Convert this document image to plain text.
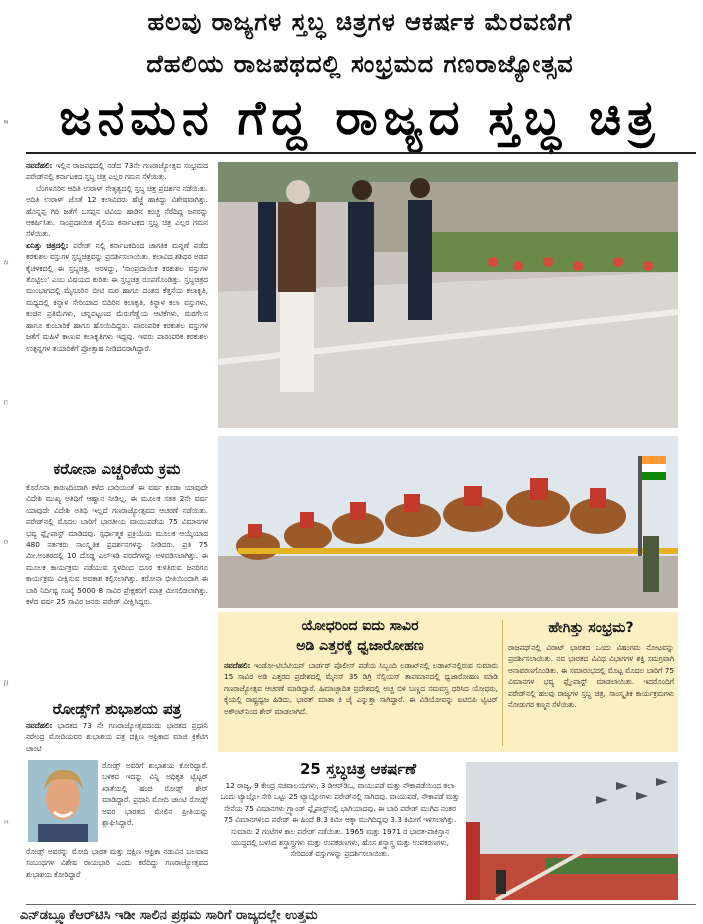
ಶ
ವ
ಬ
ರ
ಮ
ಸ
ಹಲವು ರಾಜ್ಯಗಳ ಸ್ತಬ್ಧ ಚಿತ್ರಗಳ ಆಕರ್ಷಕ ಮೆರವಣಿಗೆ
ದೆಹಲಿಯ ರಾಜಪಥದಲ್ಲಿ ಸಂಭ್ರಮದ ಗಣರಾಜ್ಯೋತ್ಸವ
ಜನಮನ ಗೆದ್ದ ರಾಜ್ಯದ ಸ್ತಬ್ಧ ಚಿತ್ರ

ನವದೆಹಲಿ: ಇಲ್ಲಿನ ರಾಜಪಥದಲ್ಲಿ ನಡೆದ 73ನೇ ಗಣರಾಜ್ಯೋತ್ಸವ ಸಂಭ್ರಮದ ಪರೇಡ್‌ನಲ್ಲಿ ಕರ್ನಾಟಕದ ಸ್ತಬ್ಧ ಚಿತ್ರ ಎಲ್ಲರ ಗಮನ ಸೆಳೆಯಿತು.

ಬೆಂಗಳೂರಿನ ಆದಿತಿ ಉರಾಳ್ ನೇತೃತ್ವದಲ್ಲಿ ಸ್ತಬ್ಧ ಚಿತ್ರ ಪ್ರದರ್ಶನ ನಡೆಯಿತು. ಅದಿತಿ ಉರಾಳ್ ಜೊತೆ 12 ಕಲಾವಿದರು ಹೆಜ್ಜೆ ಹಾಕಿದ್ದು ವಿಶೇಷವಾಗಿತ್ತು. ಹೊನ್ನಪ್ಪ ಗಿರಿ ಜತೆಗೆ ಬಸಪ್ಪನ ಟಿವಿಯ ಹಾಡಿನ ಕಂಚ್ಚ ನೆರೆದಿದ್ದ ಜನರನ್ನು ಆಕರ್ಷಿಸಿತು. ಸಾಂಪ್ರದಾಯಿಕ ಶೈಲಿಯ ಕರ್ನಾಟಕದ ಸ್ತಬ್ಧ ಚಿತ್ರ ಎಲ್ಲರ ಗಮನ ಸೆಳೆಯಿತು.

ಏನಿತ್ತು ಚಿತ್ರದಲ್ಲಿ: ಪರೇಡ್ ನಲ್ಲಿ ಕರ್ನಾಟಕದಿಂದ ಜಾಗತಿಕ ಮನ್ನಣೆ ಪಡೆದ ಕರಕುಶಲ ವಸ್ತುಗಳ ಸ್ತಬ್ಧಚಿತ್ರವನ್ನು ಪ್ರದರ್ಶಿಸಲಾಯಿತು. ಕಲಾವಿದ ಶಶಿಧರ ಅಡಪ ಕೈಚಳಕದಲ್ಲಿ ಈ ಸ್ತಬ್ಧಚಿತ್ರ, ಅರಳಿದ್ದು, 'ಸಾಂಪ್ರದಾಯಿಕ ಕರಕುಶಲ ವಸ್ತುಗಳ ತೊಟ್ಟಿಲು' ಎಂಬ ವಿಷಯದ ಕುರಿತು ಈ ಸ್ತಬ್ಧಚಿತ್ರ ರೂಪಗೊಂಡಿತ್ತು. ಸ್ತಬ್ಧಚಿತ್ರದ ಮುಂಭಾಗದಲ್ಲಿ ಮೈಸೂರಿನ ಬೀಟಿ ಮರ ಹಾಗೂ ದಂತದ ಕೆತ್ತನೆಯ ಕಲಾಕೃತಿ, ಮಧ್ಯದಲ್ಲಿ ಕಿನ್ನಾಳ ಸೇರಿಯಾದ ಬಿದಿರಿನ ಕಲಾಕೃತಿ, ಕಿನ್ನಾಳ ಕಲಾ ವಸ್ತುಗಳು, ಕಂಚಿನ ಪ್ರತಿಮೆಗಳು, ಚನ್ನಪಟ್ಟಣದ ಮೆರುಗೆಣ್ಣೆಯ ಆಟಿಕೆಗಳು, ಮರಗೆಲಸ ಹಾಗೂ ಕುಂಬಾರಿಕೆ ಹಾಗೂ ಹೊಯಿದಿದ್ದರು. ಪಾರಂಪರಿಕ ಕರಕುಶಲ ವಸ್ತುಗಳ ಜತೆಗೆ ಮಹಿಳೆ ಕಾಣುವ ಕಲಾಕೃತಿಗಳು ಇದ್ದವು. ಇವರು ಪಾರಂಪರಿಕ ಕರಕುಶಲ ಉತ್ಪನ್ನಗಳ ತಯಾರಿಕೆಗೆ ಪ್ರೋತ್ಸಾಹ ನೀಡಿದವರಾಗಿದ್ದಾರೆ.

ಕರೋನಾ ಎಚ್ಚರಿಕೆಯ ಕ್ರಮ
ಕೊರೊನಾ ಕಾರಣದಿಂದಾಗಿ ಕಳೆದ ಬಾರಿಯಂತೆ ಈ ವರ್ಷ ಕೂಡಾ ಯಾವುದೇ ವಿದೇಶಿ ಮುಖ್ಯ ಅತಿಥಿಗೆ ಆಹ್ವಾನ ನೀಡಿಲ್ಲ. ಈ ಮೂಲಕ ಸತತ 2ನೇ ವರ್ಷ ಯಾವುದೇ ವಿದೇಶಿ ಅತಿಥಿ ಇಲ್ಲದೆ ಗಣರಾಜ್ಯೋತ್ಸವದ ಆಚರಣೆ ನಡೆಯಿತು. ಪರೇಡ್‌ನಲ್ಲಿ ಮೊದಲ ಬಾರಿಗೆ ಭಾರತೀಯ ವಾಯುಪಡೆಯ 75 ವಿಮಾನಗಳ ಭವ್ಯ ಫ್ಲೈ-ಪಾಸ್ಟ್ ಮಾಡಿದವು. ಸ್ಪರ್ಧಾತ್ಮಕ ಪ್ರಕ್ರಿಯೆಯ ಮೂಲಕ ಆಯ್ಕೆಯಾದ 480 ನರ್ತಕರು ಸಾಂಸ್ಕೃತಿಕ ಪ್ರದರ್ಶನಗಳನ್ನು ನೀಡಿದರು. ಪ್ರತಿ 75 ಮೀ.ಅಂತರದಲ್ಲಿ 10 ದೊಡ್ಡ ಎಲ್‌ಇಡಿ ಪರದೆಗಳನ್ನು ಅಳವಡಿಸಲಾಗಿತ್ತು. ಈ ಮೂಲಕ ಕಾರ್ಯಕ್ರಮ ನಡೆಯುವ ಸ್ಥಳದಿಂದ ದೂರ ಕುಳಿತಿರುವ ಜನರಿಗೂ ಕಾರ್ಯಕ್ರಮ ವೀಕ್ಷಿಸುವ ಅವಕಾಶ ಕಲ್ಪಿಸಲಾಗಿತ್ತು. ಕರೋನಾ ಭೀತಿಯಿಂದಾಗಿ ಈ ಬಾರಿ ನಿರ್ದಿಷ್ಟ ಸಂಖ್ಯೆ 5000 8 ಸಾವಿರ ಪ್ರೇಕ್ಷಕರಿಗೆ ಮಾತ್ರ ಮೀಸಲಿಡಲಾಗಿತ್ತು. ಕಳೆದ ವರ್ಷ 25 ಸಾವಿರ ಜನರು ಪರೇಡ್ ವೀಕ್ಷಿಸಿದ್ದರು.
ರೋಡ್ಸ್‌ಗೆ ಶುಭಾಶಯ ಪತ್ರ
ನವದೆಹಲಿ: ಭಾರತದ 73 ನೇ ಗಣರಾಜ್ಯೋತ್ಸವದಂದು ಭಾರತದ ಪ್ರಧಾನಿ ನರೇಂದ್ರ ಮೋದಿಯವರ ಶುಭಾಶಯ ಪತ್ರ ದಕ್ಷಿಣ ಆಫ್ರಿಕಾದ ಮಾಜಿ ಕ್ರಿಕೆಟಿಗ ಜಾಂಟಿ
ರೋಡ್ಸ್ ಅವರಿಗೆ ಶುಭಾಶಯ ಕೋರಿದ್ದಾರೆ. ಬಳಿಕವ ಇದನ್ನು ವಿನ್ನಿ ಅಧಿಕೃತ ಟ್ವಿಟ್ಟರ್ ಖಾತೆಯಲ್ಲಿ ಹಂಚಿ ರೋಡ್ಸ್ ಶೇರ್ ಮಾಡಿದ್ದಾರೆ. ಪ್ರಧಾನಿ ಮೋದಿ ಜಾಂಟಿ ರೋಡ್ಸ್ ಅವರ ಭಾರತದ ಮೇಲಿನ ಪ್ರೀತಿಯನ್ನು ಶ್ಲಾಘಿಸಿದ್ದಾರೆ.
ರೋಡ್ಸ್ ಅವರನ್ನು ಮೋದಿ ಭಾರತ ಮತ್ತು ದಕ್ಷಿಣ ಆಫ್ರಿಕಾ ನಡುವಿನ ಬಲವಾದ ಸಂಬಂಧಗಳ ವಿಶೇಷ ರಾಯಭಾರಿ ಎಂದು ಕರೆದಿದ್ದು ಗಣರಾಜ್ಯೋತ್ಸವದ ಶುಭಾಶಯ ಕೋರಿದ್ದಾರೆ
ಯೋಧರಿಂದ ಐದು ಸಾವಿರ
ಅಡಿ ಎತ್ತರಕ್ಕೆ ಧ್ವಜಾರೋಹಣ
ನವದೆಹಲಿ: ಇಂಡೋ-ಟಿಬೆಟಿಯನ್ ಬಾರ್ಡರ್ ಪೊಲೀಸ್ ಪಡೆಯ ಸಿಬ್ಬಂದಿ ಲಡಾಖ್‌ನಲ್ಲಿ ಲಡಾಖ್‌ನಲ್ಲಿರುವ ಸುಮಾರು 15 ಸಾವಿರ ಅಡಿ ಎತ್ತರದ ಪ್ರದೇಶದಲ್ಲಿ ಮೈನಸ್ 35 ಡಿಗ್ರಿ ಸೆಲ್ಸಿಯಸ್ ತಾಪಮಾನದಲ್ಲಿ ಧ್ವಜಾರೋಹಣ ಮಾಡಿ ಗಣರಾಜ್ಯೋತ್ಸವ ಆಚರಣೆ ಮಾಡಿದ್ದಾರೆ. ಹಿಮಾಚ್ಛಾದಿತ ಪ್ರದೇಶದಲ್ಲಿ ಅಚ್ಚ ಬಿಳಿ ಬಣ್ಣದ ಸಮವಸ್ತ್ರ ಧರಿಸಿದ ಯೋಧರು, ಕೈಯಲ್ಲಿ ರಾಷ್ಟ್ರಧ್ವಜ ಹಿಡಿದು, ಭಾರತ್ ಮಾತಾ ಕಿ ಜೈ ಎನ್ನುತ್ತಾ ಸಾಗಿದ್ದಾರೆ. ಈ ವಿಡಿಯೋವನ್ನು ಐಟಿಬಿಪಿ ಟ್ವಿಟರ್ ಅಕೌಂಟ್‌ನಿಂದ ಶೇರ್ ಮಾಡಲಾಗಿದೆ.
ಹೇಗಿತ್ತು ಸಂಭ್ರಮ?
ರಾಜಪಥ್‌ನಲ್ಲಿ ವಿರಾಟ್ ಭಾರತದ ಒಂದು ವಿಹಂಗಮ ನೋಟವನ್ನು ಪ್ರದರ್ಶಿಸಲಾಯಿತು. ನವ ಭಾರತದ ವಿವಿಧ ವಿಭಾಗಗಳ ಶಕ್ತಿ ಸಮಗ್ರವಾಗಿ ಅನಾವರಣಗೊಂಡಿತು. ಈ ಸಮಾರಂಭದಲ್ಲಿ ಮೊಟ್ಟ ಮೊದಲ ಬಾರಿಗೆ 75 ವಿಮಾನಗಳ ಭವ್ಯ ಫ್ಲೈ-ಪಾಸ್ಟ್ ಮಾಡಲಾಯಿತು. ಇದರೊಂದಿಗೆ ಪರೇಡ್‌ನಲ್ಲಿ ಹಲವು ರಾಜ್ಯಗಳ ಸ್ತಬ್ಧ ಚಿತ್ರ, ಸಾಂಸ್ಕೃತಿಕ ಕಾರ್ಯಕ್ರಮಗಳು ನೋಡುಗರ ಕಣ್ಮನ ಸೆಳೆಯಿತು.
25 ಸ್ತಬ್ಧಚಿತ್ರ ಆಕರ್ಷಣೆ
12 ರಾಜ್ಯ, 9 ಕೇಂದ್ರ ಸಚಿವಾಲಯಗಳು, 3 ಡಿಆರ್‌ಡಿಒ, ವಾಯುಪಡೆ ಮತ್ತು ನೌಕಾಪಡೆಯಿಂದ ತಲಾ ಒಂದು ಟ್ಯಾಬ್ಲೋ ಸೇರಿ ಒಟ್ಟು 25 ಟ್ಯಾಬ್ಲೋಗಳು ಪರೇಡ್‌ನಲ್ಲಿ ಸಾಗಿದವು. ವಾಯುಪಡೆ, ನೌಕಾಪಡೆ ಮತ್ತು ಸೇನೆಯ 75 ವಿಮಾನಗಳು ಗ್ರ್ಯಾಂಡ್ ಫ್ಲೈಪಾಸ್ಟ್‌ನಲ್ಲಿ ಭಾಗಿಯಾದವು. ಈ ಬಾರಿ ಪರೇಡ್ ಮುಗಿದ ನಂತರ 75 ವಿಮಾನಗಳಿಂದ ಪರೇಡ್ ಈ ಹಿಂದೆ 8.3 ಕಿಮೀ ಆಕ್ಕಾ ಮುಗಿದಿದ್ದವು 3.3 ಕಿಮೀಗೆ ಇಳಿಸಲಾಗಿತ್ತು. ಸುಮಾರು 2 ಗಂಟೆಗಳ ಕಾಲ ಪರೇಡ್ ನಡೆಯಿತು. 1965 ಮತ್ತು 1971 ರ ಭಾರತ-ಪಾಕಿಸ್ತಾನ ಯುದ್ಧದಲ್ಲಿ ಬಳಸಿದ ಶಸ್ತ್ರಾಸ್ತ್ರಗಳು ಮತ್ತು ಉಪಕರಣಗಳು, ಹೊಸ ಶಸ್ತ್ರಾಸ್ತ್ರ ಮತ್ತು ಉಪಕರಣಗಳು, ಸೇರಿದಂತೆ ವಸ್ತುಗಳನ್ನು ಪ್ರದರ್ಶಿಸಲಾಯಿತು.
ಎನ್‌ಡಬ್ಲ್ಯೂಕೆಆರ್‌ಟಿಸಿ ಇಡೀ ಸಾಲಿನ ಪ್ರಥಮ ಸಾರಿಗೆ ರಾಜ್ಯದಲ್ಲೇ ಉತ್ತಮ
